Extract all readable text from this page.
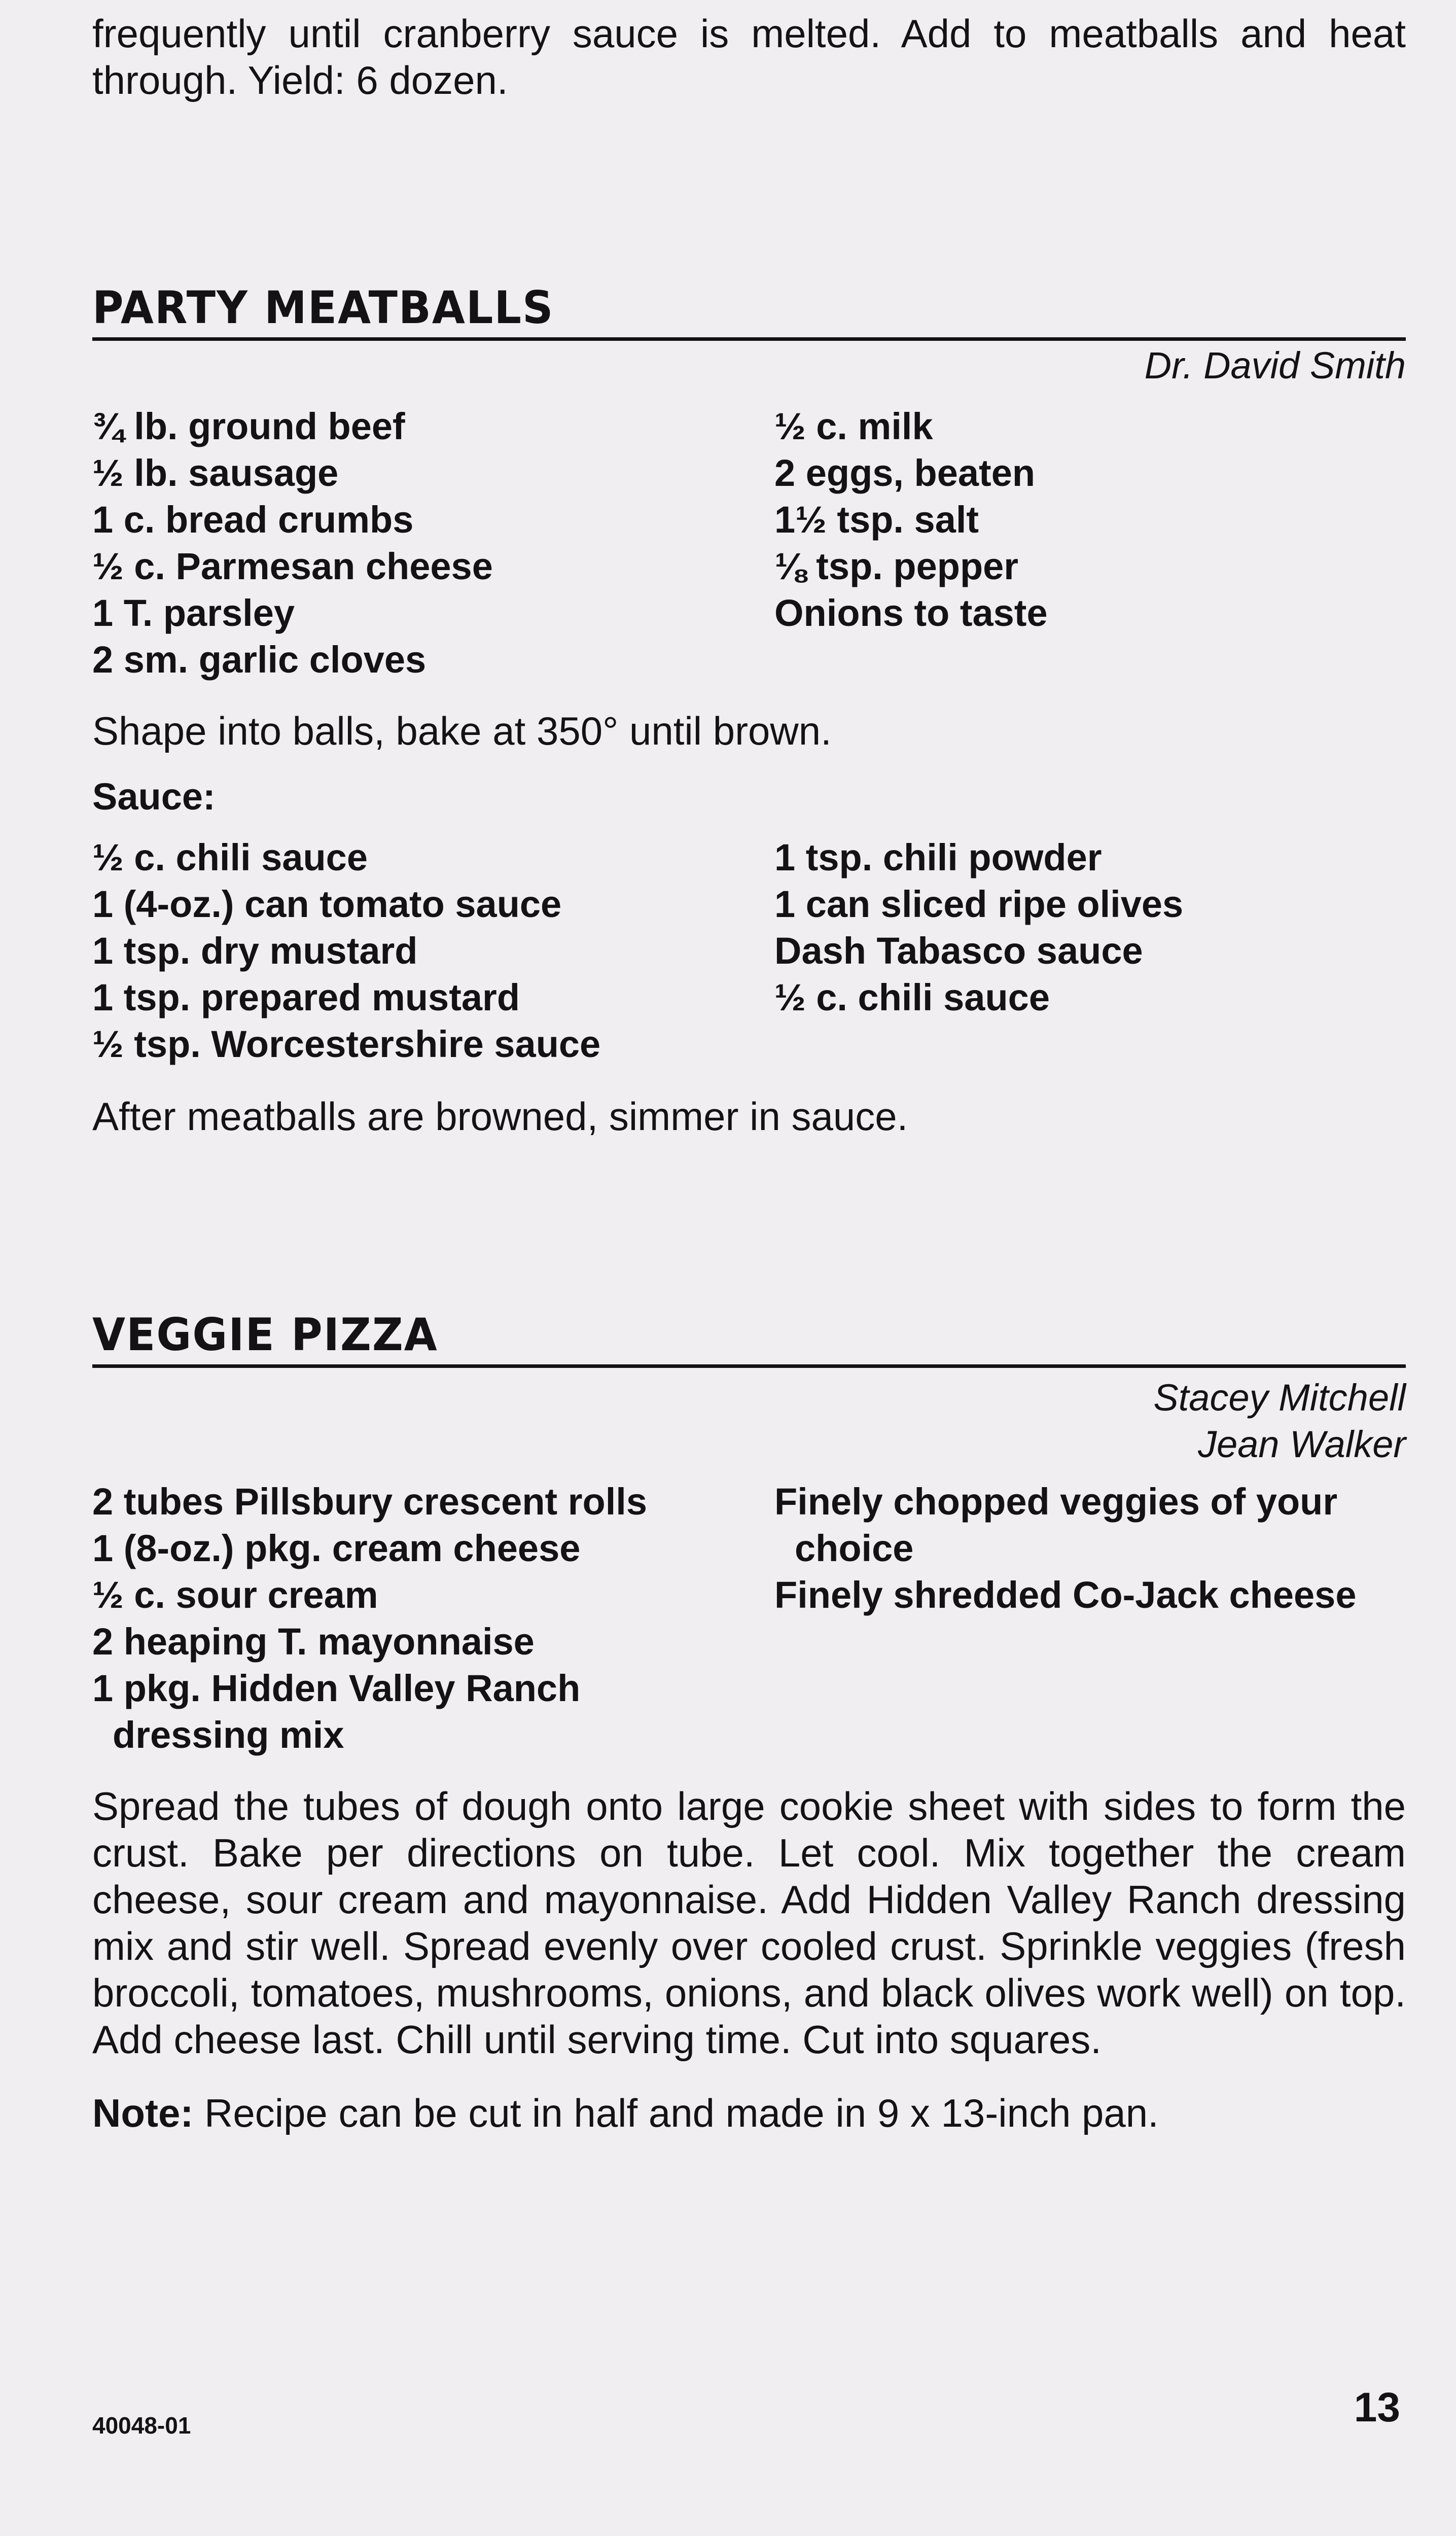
frequently until cranberry sauce is melted. Add to meatballs and heat through. Yield: 6 dozen.

PARTY MEATBALLS
Dr. David Smith
¾ lb. ground beef
½ lb. sausage
1 c. bread crumbs
½ c. Parmesan cheese
1 T. parsley
2 sm. garlic cloves
½ c. milk
2 eggs, beaten
1½ tsp. salt
⅛ tsp. pepper
Onions to taste

Shape into balls, bake at 350° until brown.

Sauce:
½ c. chili sauce
1 (4-oz.) can tomato sauce
1 tsp. dry mustard
1 tsp. prepared mustard
½ tsp. Worcestershire sauce
1 tsp. chili powder
1 can sliced ripe olives
Dash Tabasco sauce
½ c. chili sauce

After meatballs are browned, simmer in sauce.

VEGGIE PIZZA
Stacey Mitchell
Jean Walker
2 tubes Pillsbury crescent rolls
1 (8-oz.) pkg. cream cheese
½ c. sour cream
2 heaping T. mayonnaise
1 pkg. Hidden Valley Ranch
dressing mix
Finely chopped veggies of your
choice
Finely shredded Co-Jack cheese

Spread the tubes of dough onto large cookie sheet with sides to form the crust. Bake per directions on tube. Let cool. Mix together the cream cheese, sour cream and mayonnaise. Add Hidden Valley Ranch dressing mix and stir well. Spread evenly over cooled crust. Sprinkle veggies (fresh broccoli, tomatoes, mushrooms, onions, and black olives work well) on top. Add cheese last. Chill until serving time. Cut into squares.

Note: Recipe can be cut in half and made in 9 x 13-inch pan.

40048-01	13
